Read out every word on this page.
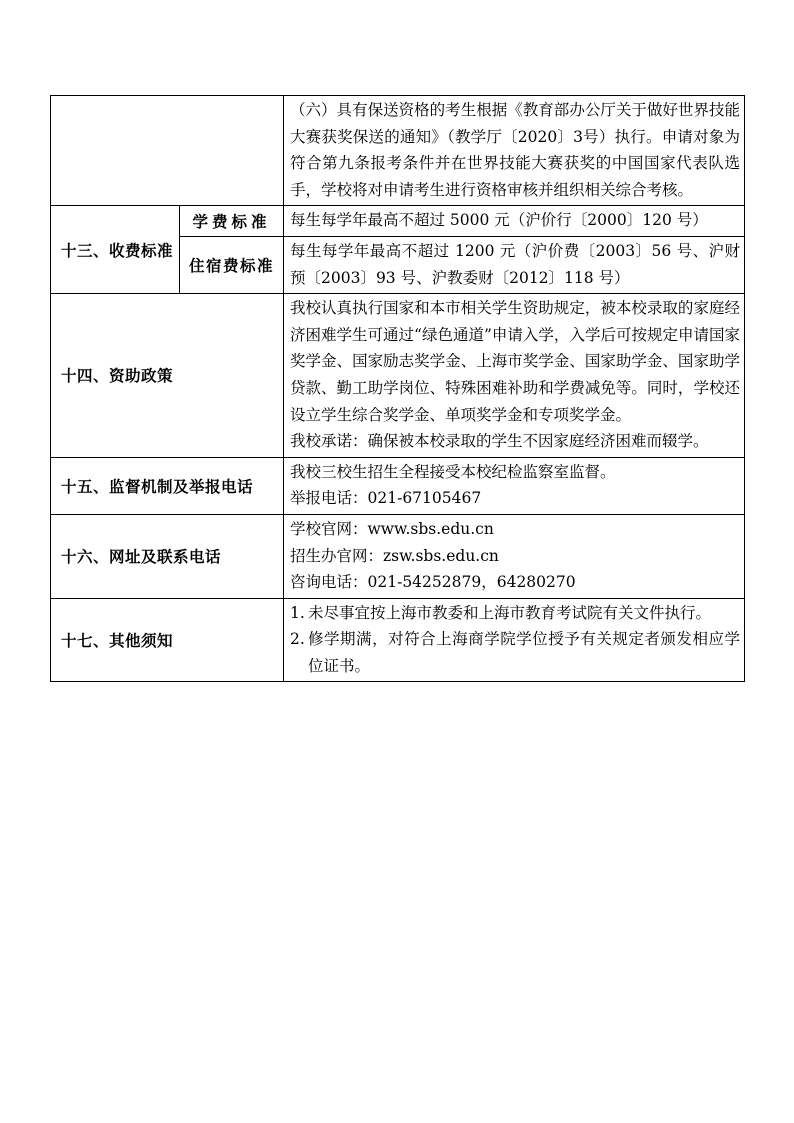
		（六）具有保送资格的考生根据《教育部办公厅关于做好世界技能大赛获奖保送的通知》（教学厅〔2020〕3号）执行。申请对象为符合第九条报考条件并在世界技能大赛获奖的中国国家代表队选手，学校将对申请考生进行资格审核并组织相关综合考核。

十三、收费标准	学费标准	每生每学年最高不超过 5000 元（沪价行〔2000〕120 号）

	住宿费标准	每生每学年最高不超过 1200 元（沪价费〔2003〕56 号、沪财预〔2003〕93 号、沪教委财〔2012〕118 号）

十四、资助政策		我校认真执行国家和本市相关学生资助规定，被本校录取的家庭经济困难学生可通过“绿色通道”申请入学，入学后可按规定申请国家奖学金、国家励志奖学金、上海市奖学金、国家助学金、国家助学贷款、勤工助学岗位、特殊困难补助和学费减免等。同时，学校还设立学生综合奖学金、单项奖学金和专项奖学金。

我校承诺：确保被本校录取的学生不因家庭经济困难而辍学。

十五、监督机制及举报电话		我校三校生招生全程接受本校纪检监察室监督。

举报电话：021-67105467

十六、网址及联系电话		学校官网：www.sbs.edu.cn

招生办官网：zsw.sbs.edu.cn

咨询电话：021-54252879，64280270

十七、其他须知		1. 未尽事宜按上海市教委和上海市教育考试院有关文件执行。
2. 修学期满，对符合上海商学院学位授予有关规定者颁发相应学位证书。
